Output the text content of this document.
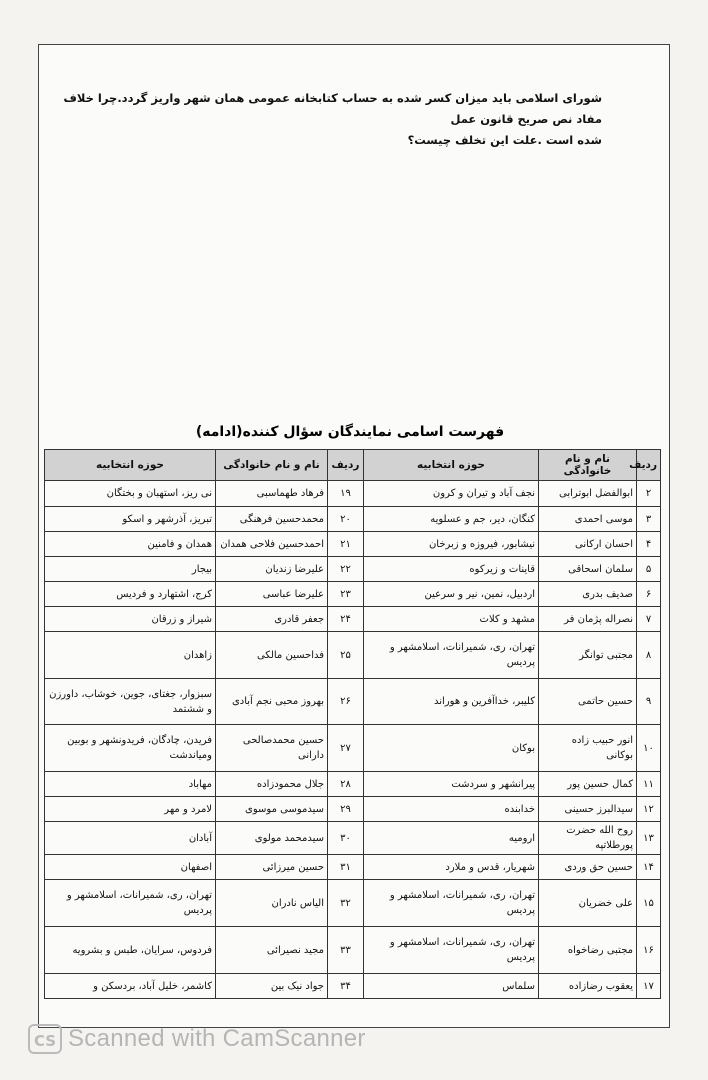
شورای اسلامی باید میزان کسر شده به حساب کتابخانه عمومی همان شهر واریز گردد.چرا خلاف مفاد نص صریح قانون عمل
شده است .علت این تخلف چیست؟
فهرست اسامی نمایندگان سؤال کننده(ادامه)
ردیف	نام و نام خانوادگی	حوزه انتخابیه	ردیف	نام و نام خانوادگی	حوزه انتخابیه
۲	ابوالفضل ابوترابی	نجف آباد و تیران و کرون	۱۹	فرهاد طهماسبی	نی ریز، استهبان و بختگان
۳	موسی احمدی	کنگان، دیر، جم و عسلویه	۲۰	محمدحسین فرهنگی	تبریز، آذرشهر و اسکو
۴	احسان ارکانی	نیشابور، فیروزه و زبرخان	۲۱	احمدحسین فلاحی همدان	همدان و فامنین
۵	سلمان اسحاقی	قاینات و زیرکوه	۲۲	علیرضا زندیان	بیجار
۶	صدیف بدری	اردبیل، نمین، نیر و سرعین	۲۳	علیرضا عباسی	کرج، اشتهارد و فردیس
۷	نصراله پژمان فر	مشهد و کلات	۲۴	جعفر قادری	شیراز و زرقان
۸	مجتبی توانگر	تهران، ری، شمیرانات، اسلامشهر و پردیس	۲۵	فداحسین مالکی	زاهدان
۹	حسین حاتمی	کلیبر، خداآفرین و هوراند	۲۶	بهروز محبی نجم آبادی	سبزوار، جغتای، جوین، خوشاب، داورزن و ششتمد
۱۰	انور حبیب زاده بوکانی	بوکان	۲۷	حسین محمدصالحی دارانی	فریدن، چادگان، فریدونشهر و بوبین ومیاندشت
۱۱	کمال حسین پور	پیرانشهر و سردشت	۲۸	جلال محمودزاده	مهاباد
۱۲	سیدالبرز حسینی	خدابنده	۲۹	سیدموسی موسوی	لامرد و مهر
۱۳	روح الله حضرت پورطلاتپه	ارومیه	۳۰	سیدمحمد مولوی	آبادان
۱۴	حسین حق وردی	شهریار، قدس و ملارد	۳۱	حسین میرزائی	اصفهان
۱۵	علی خضریان	تهران، ری، شمیرانات، اسلامشهر و پردیس	۳۲	الیاس نادران	تهران، ری، شمیرانات، اسلامشهر و پردیس
۱۶	مجتبی رضاخواه	تهران، ری، شمیرانات، اسلامشهر و پردیس	۳۳	مجید نصیرائی	فردوس، سرایان، طبس و بشرویه
۱۷	یعقوب رضازاده	سلماس	۳۴	جواد نیک بین	کاشمر، خلیل آباد، بردسکن و
CS Scanned with CamScanner
